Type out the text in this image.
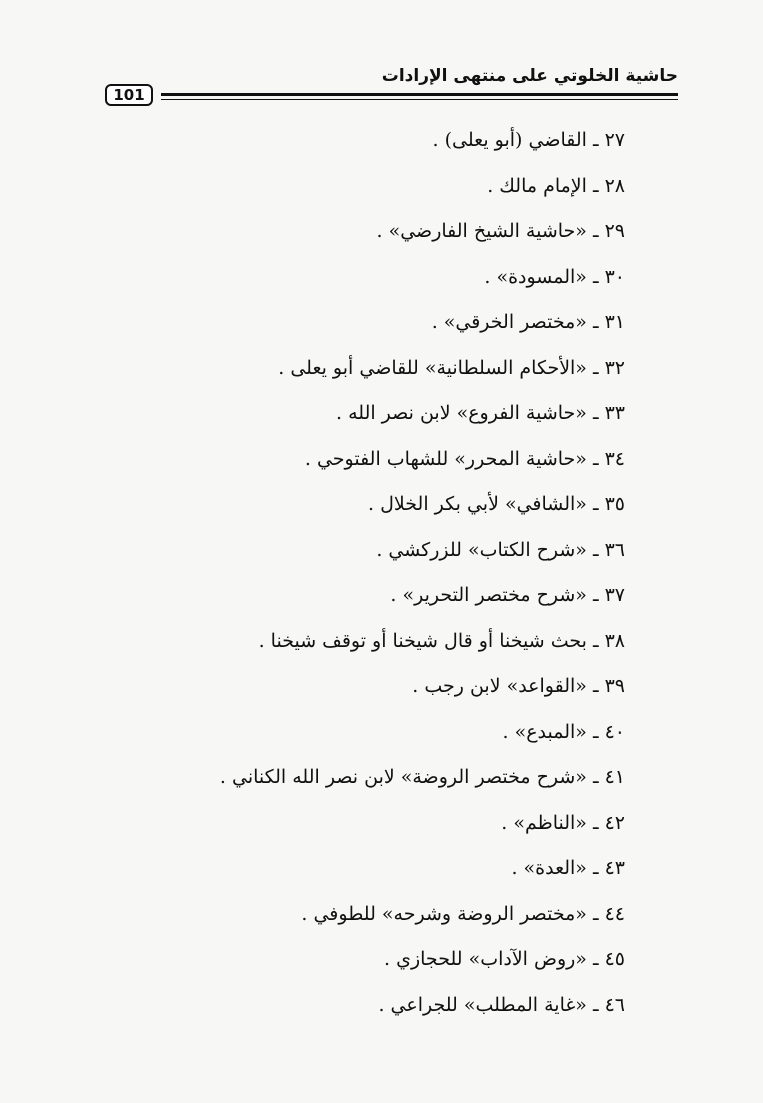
101
حاشية الخلوتي على منتهى الإرادات
٢٧ ـ القاضي (أبو يعلى) .
٢٨ ـ الإمام مالك .
٢٩ ـ «حاشية الشيخ الفارضي» .
٣٠ ـ «المسودة» .
٣١ ـ «مختصر الخرقي» .
٣٢ ـ «الأحكام السلطانية» للقاضي أبو يعلى .
٣٣ ـ «حاشية الفروع» لابن نصر الله .
٣٤ ـ «حاشية المحرر» للشهاب الفتوحي .
٣٥ ـ «الشافي» لأبي بكر الخلال .
٣٦ ـ «شرح الكتاب» للزركشي .
٣٧ ـ «شرح مختصر التحرير» .
٣٨ ـ بحث شيخنا أو قال شيخنا أو توقف شيخنا .
٣٩ ـ «القواعد» لابن رجب .
٤٠ ـ «المبدع» .
٤١ ـ «شرح مختصر الروضة» لابن نصر الله الكناني .
٤٢ ـ «الناظم» .
٤٣ ـ «العدة» .
٤٤ ـ «مختصر الروضة وشرحه» للطوفي .
٤٥ ـ «روض الآداب» للحجازي .
٤٦ ـ «غاية المطلب» للجراعي .
